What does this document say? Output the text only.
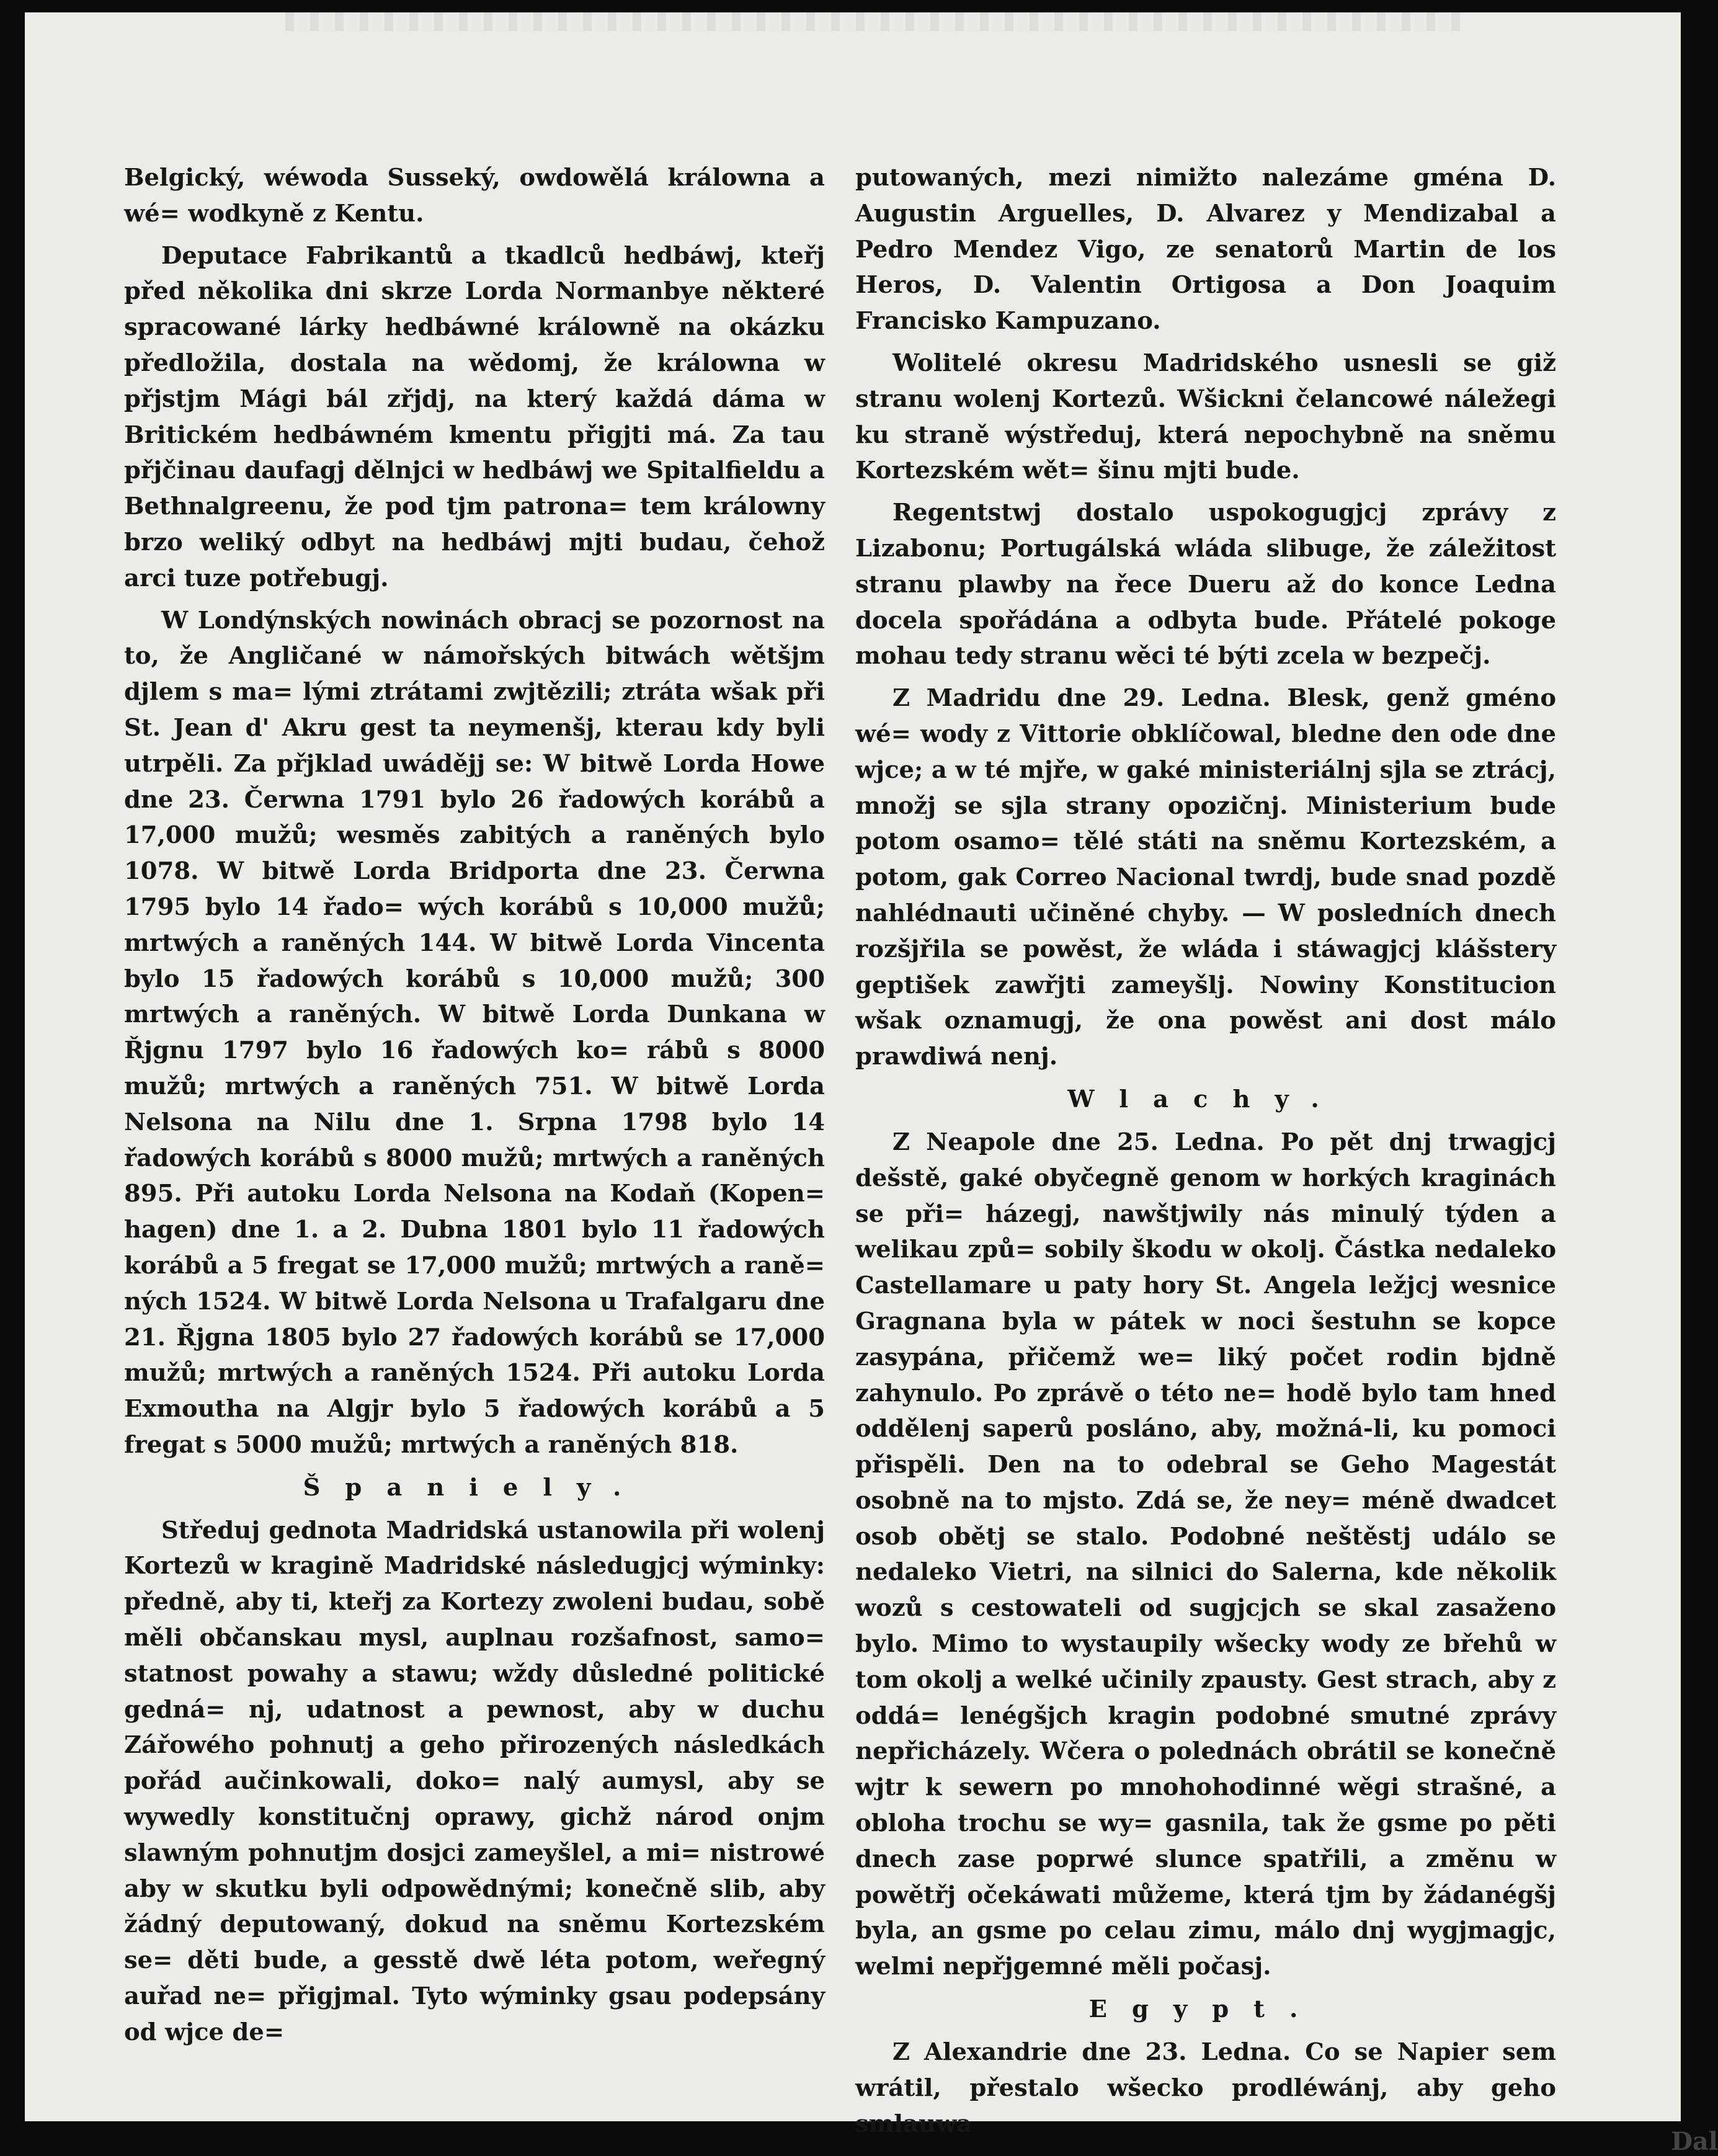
Belgický, wéwoda Susseký, owdowělá králowna a wé= wodkyně z Kentu.

Deputace Fabrikantů a tkadlců hedbáwj, kteřj před několika dni skrze Lorda Normanbye některé spracowané lárky hedbáwné králowně na okázku předložila, dostala na wědomj, že králowna w přjstjm Mági bál zřjdj, na který každá dáma w Britickém hedbáwném kmentu přigjti má. Za tau přjčinau daufagj dělnjci w hedbáwj we Spitalfieldu a Bethnalgreenu, že pod tjm patrona= tem králowny brzo weliký odbyt na hedbáwj mjti budau, čehož arci tuze potřebugj.

W Londýnských nowinách obracj se pozornost na to, že Angličané w námořských bitwách wětšjm djlem s ma= lými ztrátami zwjtězili; ztráta wšak při St. Jean d' Akru gest ta neymenšj, kterau kdy byli utrpěli. Za přjklad uwádějj se: W bitwě Lorda Howe dne 23. Čerwna 1791 bylo 26 řadowých korábů a 17,000 mužů; wesměs zabitých a raněných bylo 1078. W bitwě Lorda Bridporta dne 23. Čerwna 1795 bylo 14 řado= wých korábů s 10,000 mužů; mrtwých a raněných 144. W bitwě Lorda Vincenta bylo 15 řadowých korábů s 10,000 mužů; 300 mrtwých a raněných. W bitwě Lorda Dunkana w Řjgnu 1797 bylo 16 řadowých ko= rábů s 8000 mužů; mrtwých a raněných 751. W bitwě Lorda Nelsona na Nilu dne 1. Srpna 1798 bylo 14 řadowých korábů s 8000 mužů; mrtwých a raněných 895. Při autoku Lorda Nelsona na Kodaň (Kopen= hagen) dne 1. a 2. Dubna 1801 bylo 11 řadowých korábů a 5 fregat se 17,000 mužů; mrtwých a raně= ných 1524. W bitwě Lorda Nelsona u Trafalgaru dne 21. Řjgna 1805 bylo 27 řadowých korábů se 17,000 mužů; mrtwých a raněných 1524. Při autoku Lorda Exmoutha na Algjr bylo 5 řadowých korábů a 5 fregat s 5000 mužů; mrtwých a raněných 818.

Španiely.

Středuj gednota Madridská ustanowila při wolenj Kortezů w kragině Madridské následugjcj wýminky: předně, aby ti, kteřj za Kortezy zwoleni budau, sobě měli občanskau mysl, auplnau rozšafnost, samo= statnost powahy a stawu; wždy důsledné politické gedná= nj, udatnost a pewnost, aby w duchu Zářowého pohnutj a geho přirozených následkách pořád aučinkowali, doko= nalý aumysl, aby se wywedly konstitučnj oprawy, gichž národ onjm slawným pohnutjm dosjci zameyšlel, a mi= nistrowé aby w skutku byli odpowědnými; konečně slib, aby žádný deputowaný, dokud na sněmu Kortezském se= děti bude, a gesstě dwě léta potom, weřegný auřad ne= přigjmal. Tyto wýminky gsau podepsány od wjce de=

putowaných, mezi nimižto nalezáme gména D. Augustin Arguelles, D. Alvarez y Mendizabal a Pedro Mendez Vigo, ze senatorů Martin de los Heros, D. Valentin Ortigosa a Don Joaquim Francisko Kampuzano.

Wolitelé okresu Madridského usnesli se giž stranu wolenj Kortezů. Wšickni čelancowé náležegi ku straně wýstředuj, která nepochybně na sněmu Kortezském wět= šinu mjti bude.

Regentstwj dostalo uspokogugjcj zprávy z Lizabonu; Portugálská wláda slibuge, že záležitost stranu plawby na řece Dueru až do konce Ledna docela spořádána a odbyta bude. Přátelé pokoge mohau tedy stranu wěci té býti zcela w bezpečj.

Z Madridu dne 29. Ledna. Blesk, genž gméno wé= wody z Vittorie obklíčowal, bledne den ode dne wjce; a w té mjře, w gaké ministeriálnj sjla se ztrácj, množj se sjla strany opozičnj. Ministerium bude potom osamo= tělé státi na sněmu Kortezském, a potom, gak Correo Nacional twrdj, bude snad pozdě nahlédnauti učiněné chyby. — W posledních dnech rozšjřila se powěst, že wláda i stáwagjcj klášstery geptišek zawřjti zameyšlj. Nowiny Konstitucion wšak oznamugj, že ona powěst ani dost málo prawdiwá nenj.

Wlachy.

Z Neapole dne 25. Ledna. Po pět dnj trwagjcj dešstě, gaké obyčegně genom w horkých kraginách se při= házegj, nawštjwily nás minulý týden a welikau způ= sobily škodu w okolj. Částka nedaleko Castellamare u paty hory St. Angela ležjcj wesnice Gragnana byla w pátek w noci šestuhn se kopce zasypána, přičemž we= liký počet rodin bjdně zahynulo. Po zprávě o této ne= hodě bylo tam hned oddělenj saperů posláno, aby, možná-li, ku pomoci přispěli. Den na to odebral se Geho Magestát osobně na to mjsto. Zdá se, že ney= méně dwadcet osob obětj se stalo. Podobné neštěstj událo se nedaleko Vietri, na silnici do Salerna, kde několik wozů s cestowateli od sugjcjch se skal zasaženo bylo. Mimo to wystaupily wšecky wody ze břehů w tom okolj a welké učinily zpausty. Gest strach, aby z oddá= lenégšjch kragin podobné smutné zprávy nepřicházely. Wčera o polednách obrátil se konečně wjtr k sewern po mnohohodinné wěgi strašné, a obloha trochu se wy= gasnila, tak že gsme po pěti dnech zase poprwé slunce spatřili, a změnu w powětřj očekáwati můžeme, která tjm by žádanégšj byla, an gsme po celau zimu, málo dnj wygjmagjc, welmi nepřjgemné měli počasj.

Egypt.

Z Alexandrie dne 23. Ledna. Co se Napier sem wrátil, přestalo wšecko prodléwánj, aby geho smlauwa

Dal
